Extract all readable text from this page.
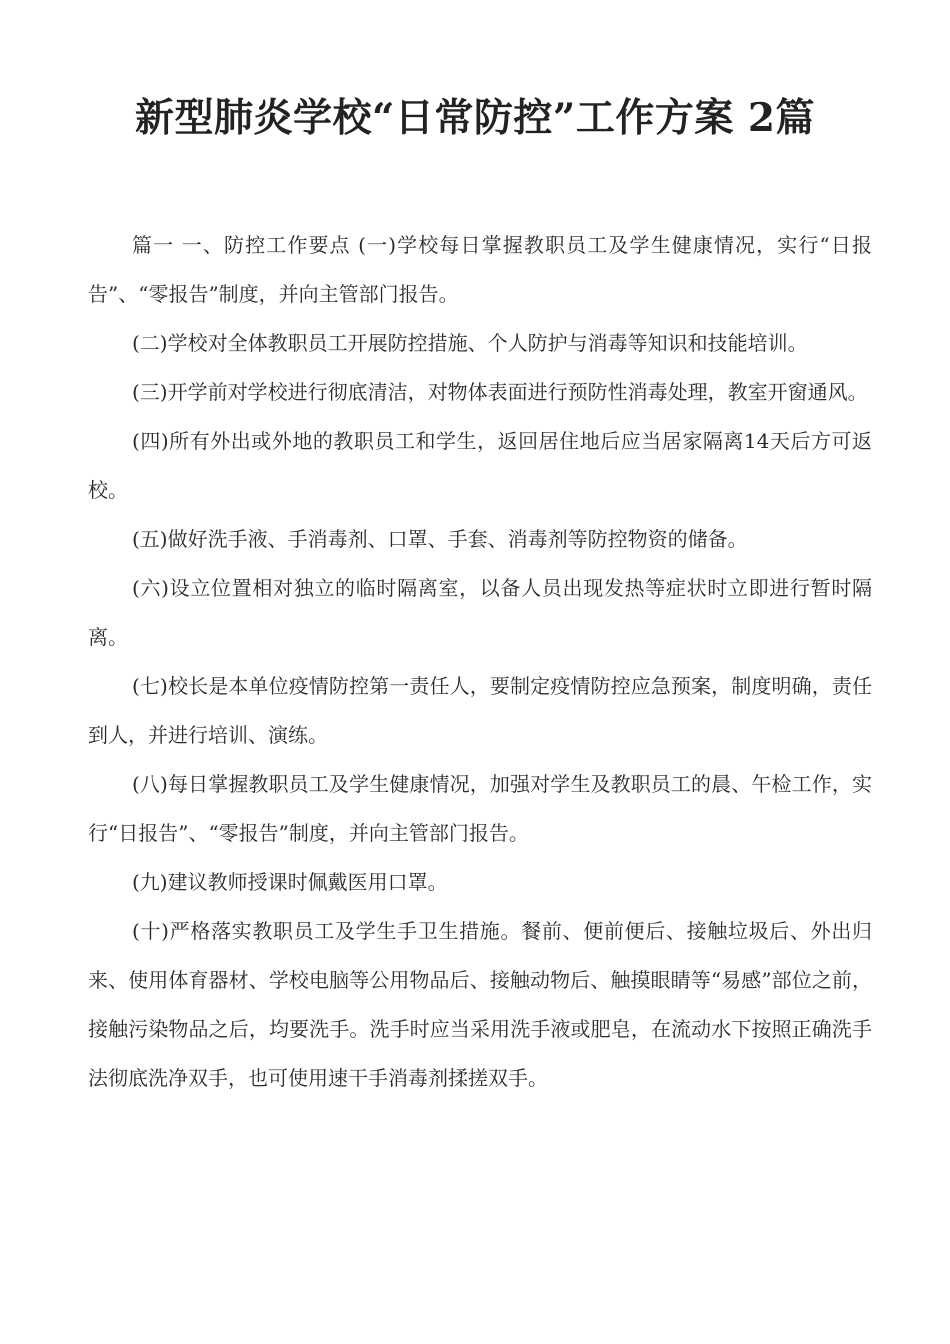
新型肺炎学校“日常防控”工作方案 2篇

篇一 一、防控工作要点 (一)学校每日掌握教职员工及学生健康情况，实行“日报告”、“零报告”制度，并向主管部门报告。

(二)学校对全体教职员工开展防控措施、个人防护与消毒等知识和技能培训。

(三)开学前对学校进行彻底清洁，对物体表面进行预防性消毒处理，教室开窗通风。

(四)所有外出或外地的教职员工和学生，返回居住地后应当居家隔离14天后方可返校。

(五)做好洗手液、手消毒剂、口罩、手套、消毒剂等防控物资的储备。

(六)设立位置相对独立的临时隔离室，以备人员出现发热等症状时立即进行暂时隔离。

(七)校长是本单位疫情防控第一责任人，要制定疫情防控应急预案，制度明确，责任到人，并进行培训、演练。

(八)每日掌握教职员工及学生健康情况，加强对学生及教职员工的晨、午检工作，实行“日报告”、“零报告”制度，并向主管部门报告。

(九)建议教师授课时佩戴医用口罩。

(十)严格落实教职员工及学生手卫生措施。餐前、便前便后、接触垃圾后、外出归来、使用体育器材、学校电脑等公用物品后、接触动物后、触摸眼睛等“易感”部位之前，接触污染物品之后，均要洗手。洗手时应当采用洗手液或肥皂，在流动水下按照正确洗手法彻底洗净双手，也可使用速干手消毒剂揉搓双手。
